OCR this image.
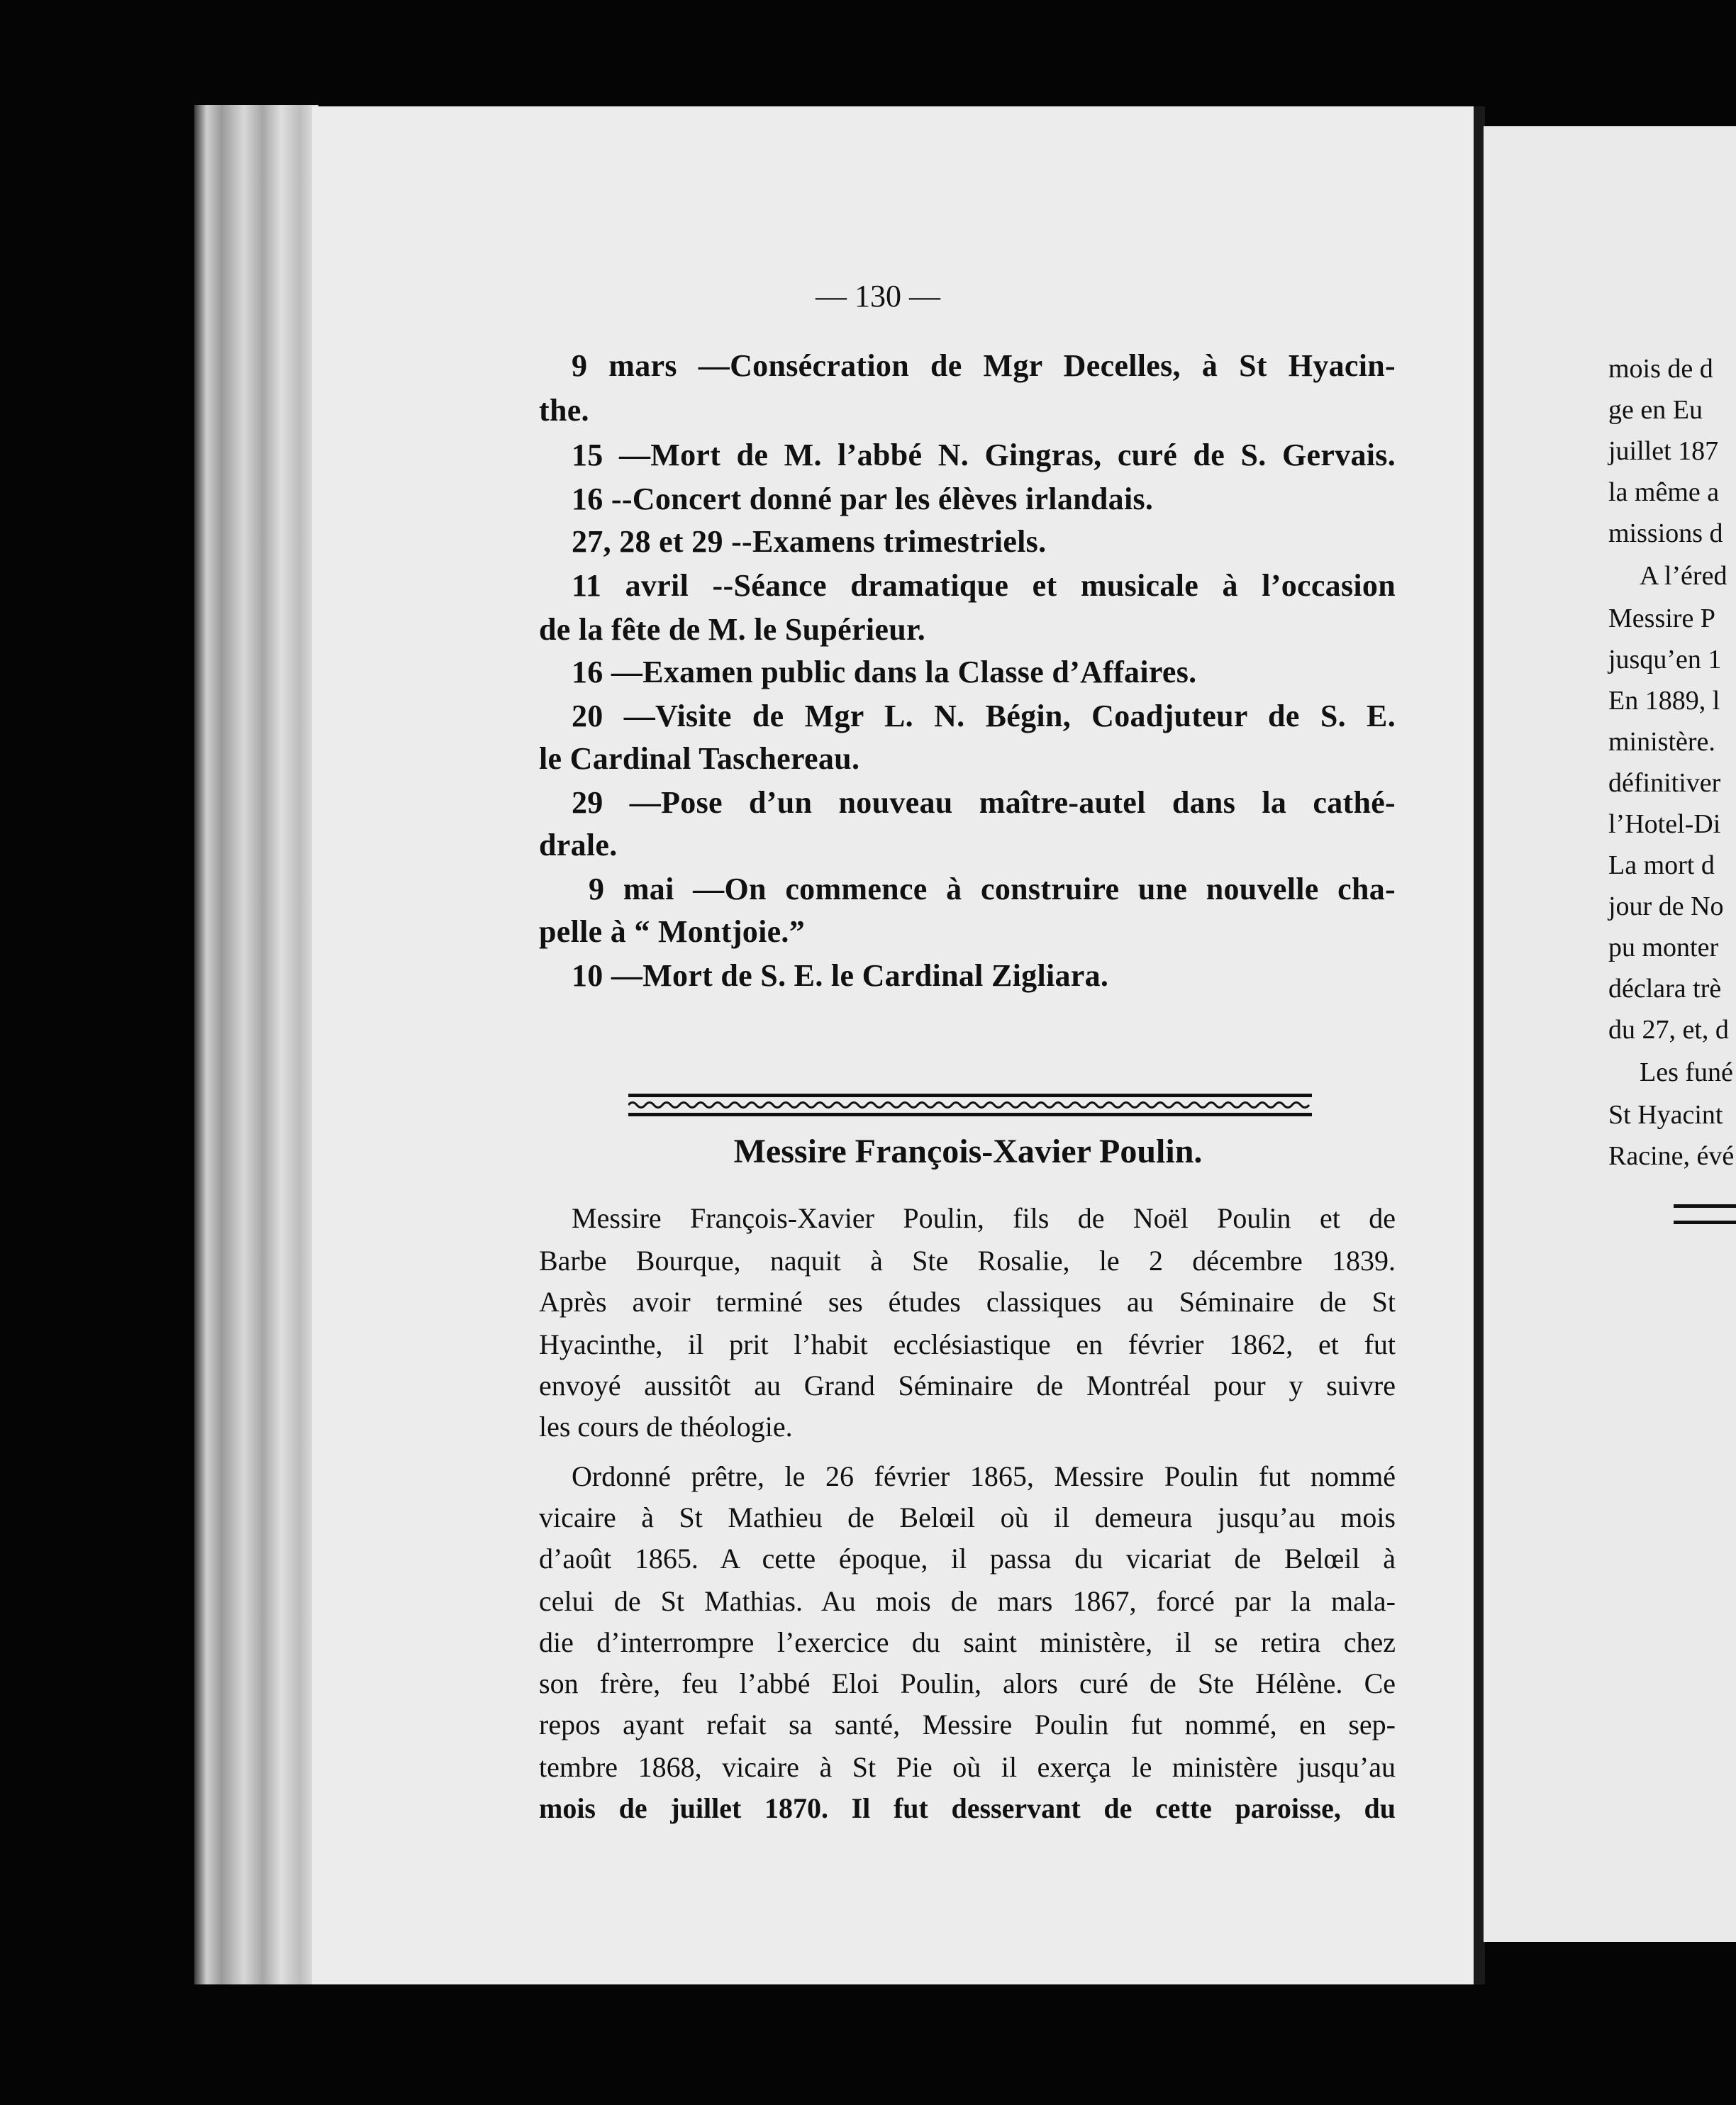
— 130 —
9 mars —Consécration de Mgr Decelles, à St Hyacin-
the.
15 —Mort de M. l’abbé N. Gingras, curé de S. Gervais.
16 --Concert donné par les élèves irlandais.
27, 28 et 29 --Examens trimestriels.
11 avril --Séance dramatique et musicale à l’occasion
de la fête de M. le Supérieur.
16 —Examen public dans la Classe d’Affaires.
20 —Visite de Mgr L. N. Bégin, Coadjuteur de S. E.
le Cardinal Taschereau.
29 —Pose d’un nouveau maître-autel dans la cathé-
drale.
9 mai —On commence à construire une nouvelle cha-
pelle à “ Montjoie.”
10 —Mort de S. E. le Cardinal Zigliara.
Messire François-Xavier Poulin.
Messire François-Xavier Poulin, fils de Noël Poulin et de
Barbe Bourque, naquit à Ste Rosalie, le 2 décembre 1839.
Après avoir terminé ses études classiques au Séminaire de St
Hyacinthe, il prit l’habit ecclésiastique en février 1862, et fut
envoyé aussitôt au Grand Séminaire de Montréal pour y suivre
les cours de théologie.
Ordonné prêtre, le 26 février 1865, Messire Poulin fut nommé
vicaire à St Mathieu de Belœil où il demeura jusqu’au mois
d’août 1865. A cette époque, il passa du vicariat de Belœil à
celui de St Mathias. Au mois de mars 1867, forcé par la mala-
die d’interrompre l’exercice du saint ministère, il se retira chez
son frère, feu l’abbé Eloi Poulin, alors curé de Ste Hélène. Ce
repos ayant refait sa santé, Messire Poulin fut nommé, en sep-
tembre 1868, vicaire à St Pie où il exerça le ministère jusqu’au
mois de juillet 1870. Il fut desservant de cette paroisse, du
mois de d
ge en Eu
juillet 187
la même a
missions d
A l’éred
Messire P
jusqu’en 1
En 1889, l
ministère.
définitiver
l’Hotel-Di
La mort d
jour de No
pu monter
déclara trè
du 27, et, d
Les funé
St Hyacint
Racine, évé
